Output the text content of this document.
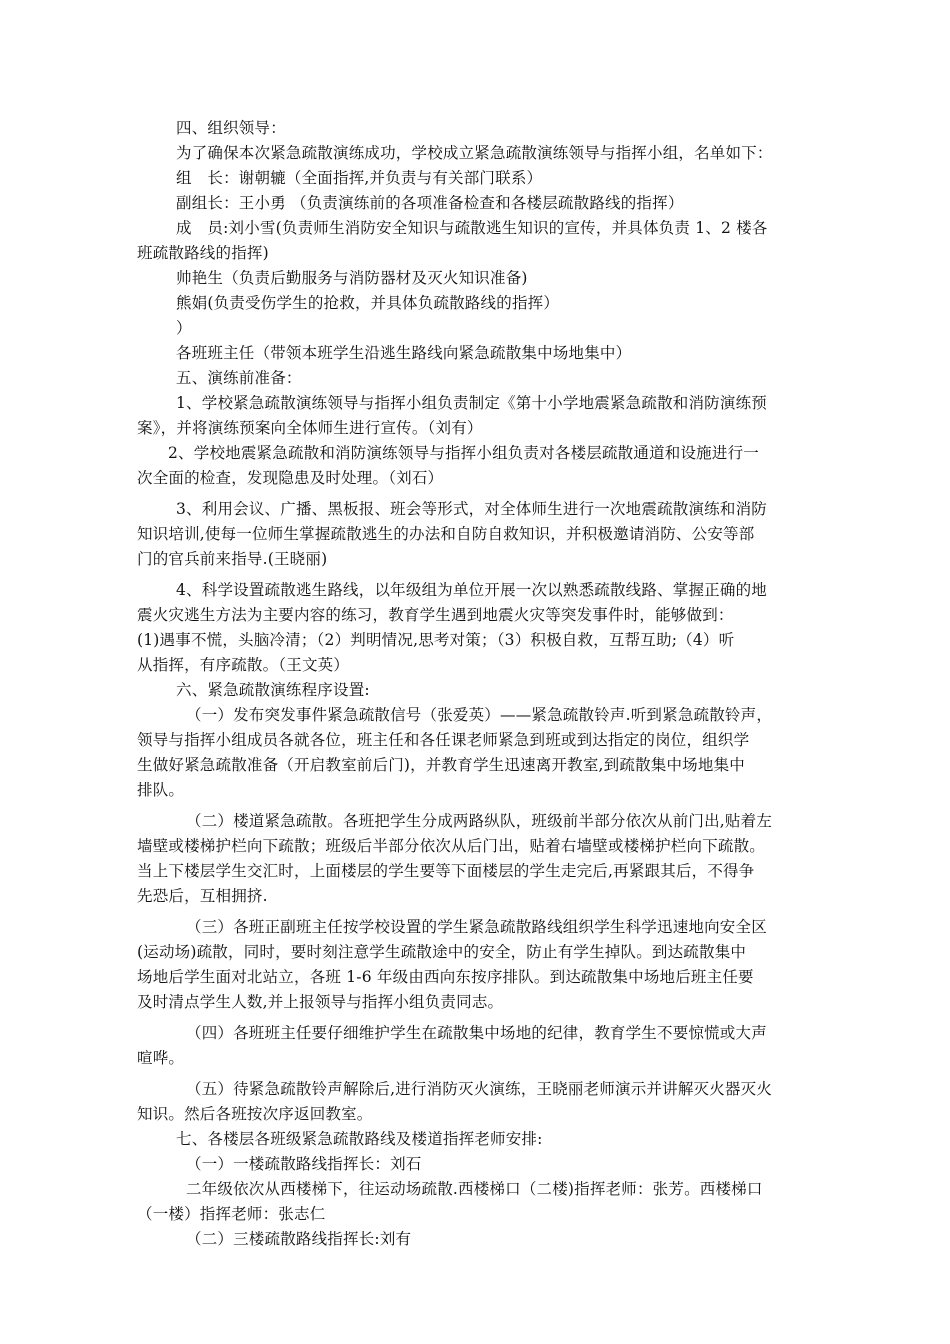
四、组织领导：
为了确保本次紧急疏散演练成功，学校成立紧急疏散演练领导与指挥小组，名单如下：
组　长：谢朝辘（全面指挥,并负责与有关部门联系）
副组长：王小勇 （负责演练前的各项准备检查和各楼层疏散路线的指挥）
成　员:刘小雪(负责师生消防安全知识与疏散逃生知识的宣传，并具体负责 1、2 楼各
班疏散路线的指挥)
帅艳生（负责后勤服务与消防器材及灭火知识准备)
熊娟(负责受伤学生的抢救，并具体负疏散路线的指挥）
）
各班班主任（带领本班学生沿逃生路线向紧急疏散集中场地集中）
五、演练前准备：
1、学校紧急疏散演练领导与指挥小组负责制定《第十小学地震紧急疏散和消防演练预
案》，并将演练预案向全体师生进行宣传。（刘有）
2、学校地震紧急疏散和消防演练领导与指挥小组负责对各楼层疏散通道和设施进行一
次全面的检查，发现隐患及时处理。（刘石）
3、利用会议、广播、黑板报、班会等形式，对全体师生进行一次地震疏散演练和消防
知识培训,使每一位师生掌握疏散逃生的办法和自防自救知识，并积极邀请消防、公安等部
门的官兵前来指导.(王晓丽)
4、科学设置疏散逃生路线，以年级组为单位开展一次以熟悉疏散线路、掌握正确的地
震火灾逃生方法为主要内容的练习，教育学生遇到地震火灾等突发事件时，能够做到：
(1)遇事不慌，头脑冷清；（2）判明情况,思考对策；（3）积极自救，互帮互助;（4）听
从指挥，有序疏散。（王文英）
六、紧急疏散演练程序设置:
（一）发布突发事件紧急疏散信号（张爱英）——紧急疏散铃声.听到紧急疏散铃声，
领导与指挥小组成员各就各位，班主任和各任课老师紧急到班或到达指定的岗位，组织学
生做好紧急疏散准备（开启教室前后门)，并教育学生迅速离开教室,到疏散集中场地集中
排队。
（二）楼道紧急疏散。各班把学生分成两路纵队，班级前半部分依次从前门出,贴着左
墙壁或楼梯护栏向下疏散；班级后半部分依次从后门出，贴着右墙壁或楼梯护栏向下疏散。
当上下楼层学生交汇时，上面楼层的学生要等下面楼层的学生走完后,再紧跟其后，不得争
先恐后，互相拥挤.
（三）各班正副班主任按学校设置的学生紧急疏散路线组织学生科学迅速地向安全区
(运动场)疏散，同时，要时刻注意学生疏散途中的安全，防止有学生掉队。到达疏散集中
场地后学生面对北站立，各班 1-6 年级由西向东按序排队。到达疏散集中场地后班主任要
及时清点学生人数,并上报领导与指挥小组负责同志。
（四）各班班主任要仔细维护学生在疏散集中场地的纪律，教育学生不要惊慌或大声
喧哗。
（五）待紧急疏散铃声解除后,进行消防灭火演练，王晓丽老师演示并讲解灭火器灭火
知识。然后各班按次序返回教室。
七、各楼层各班级紧急疏散路线及楼道指挥老师安排:
（一）一楼疏散路线指挥长：刘石
二年级依次从西楼梯下，往运动场疏散.西楼梯口（二楼)指挥老师：张芳。西楼梯口
（一楼）指挥老师：张志仁
（二）三楼疏散路线指挥长:刘有
